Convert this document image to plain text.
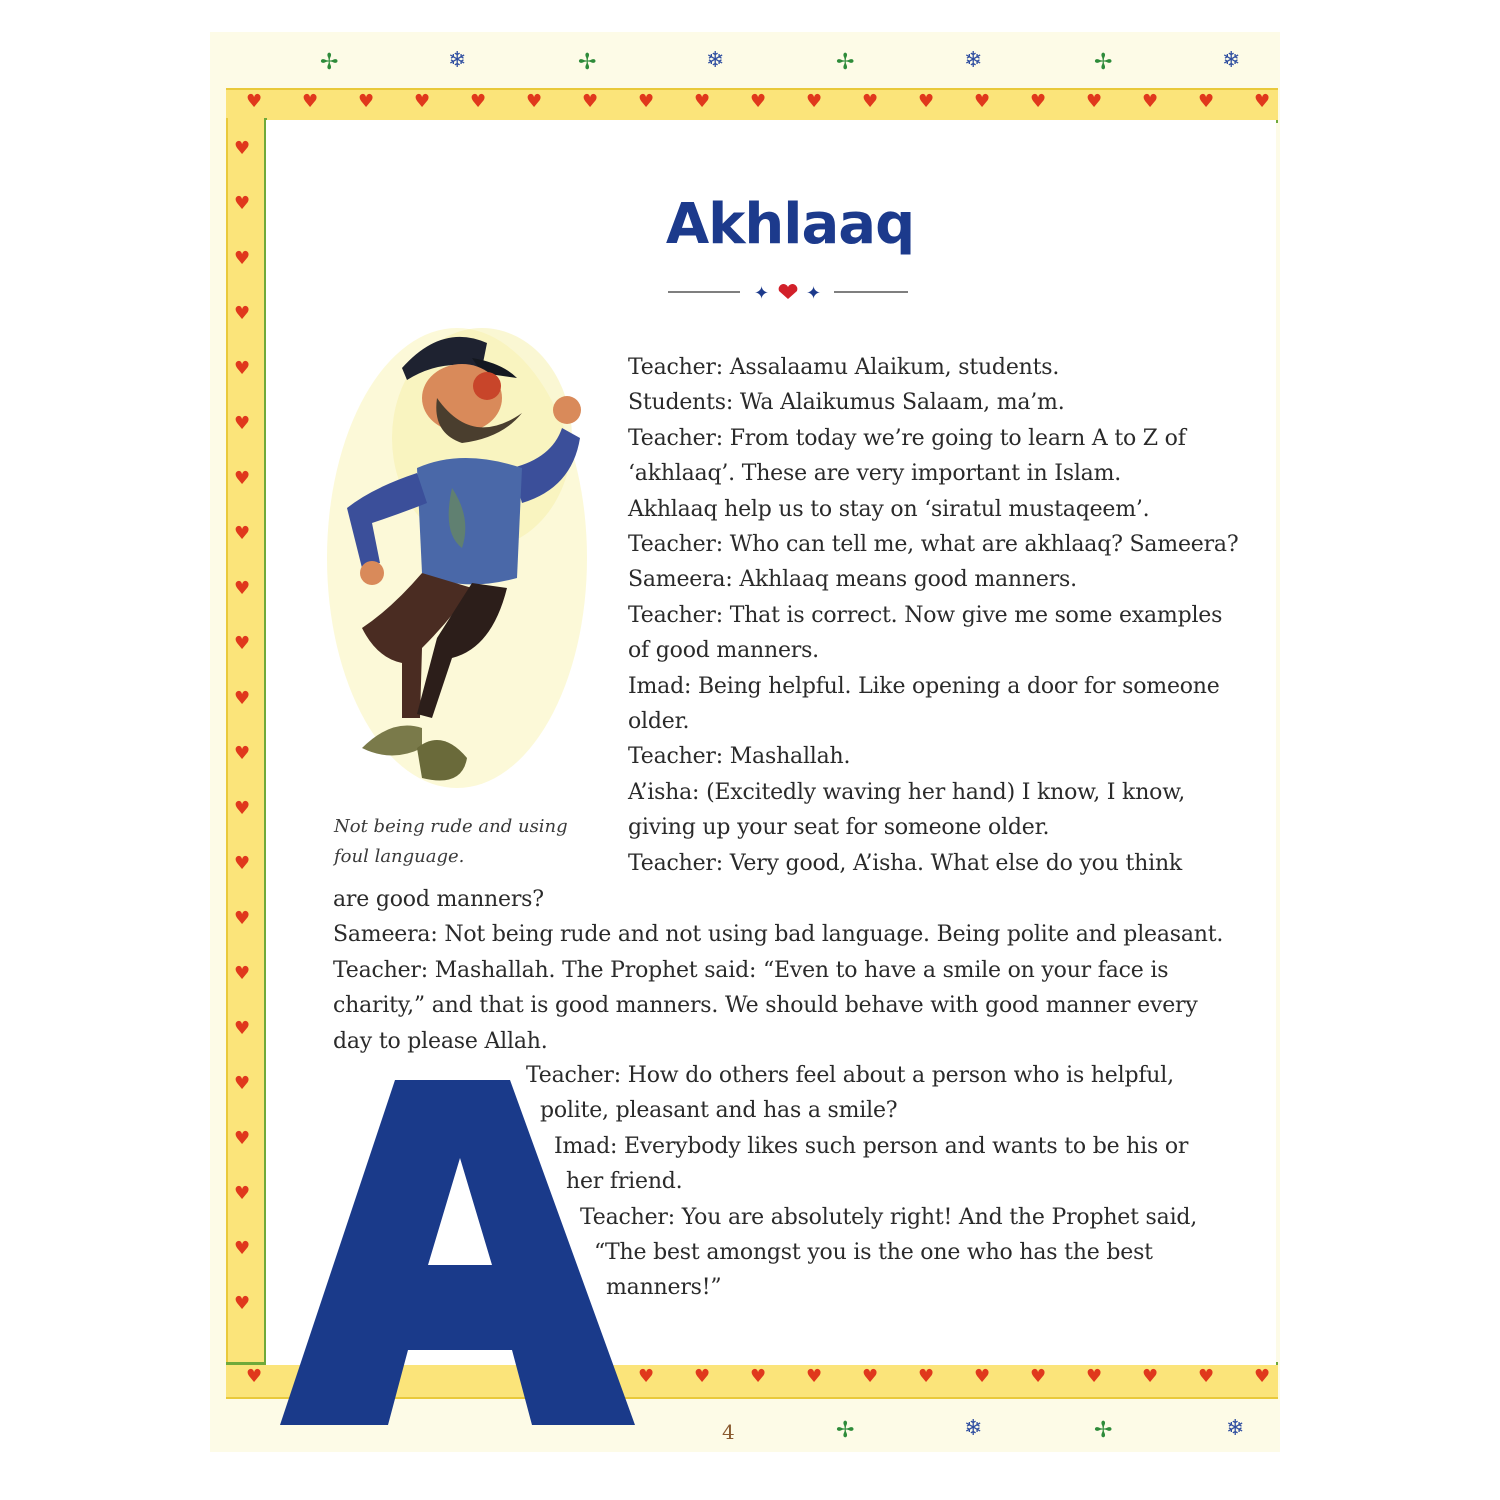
✢	✢	✢	✢
❄	❄	❄	❄
✢	✢
❄	❄
♥ ♥ ♥ ♥ ♥ ♥ ♥ ♥ ♥ ♥ ♥ ♥ ♥ ♥ ♥ ♥ ♥ ♥ ♥
♥	♥ ♥ ♥ ♥ ♥ ♥ ♥ ♥ ♥ ♥ ♥ ♥
♥
♥
♥
♥
♥
♥
♥
♥
♥
♥
♥
♥
♥
♥
♥
♥
♥
♥
♥
♥
♥
♥
Akhlaaq
✦ ✦
Not being rude and using foul language.
Teacher: Assalaamu Alaikum, students.
Students: Wa Alaikumus Salaam, ma’m.
Teacher: From today we’re going to learn A to Z of
‘akhlaaq’. These are very important in Islam.
Akhlaaq help us to stay on ‘siratul mustaqeem’.
Teacher: Who can tell me, what are akhlaaq? Sameera?
Sameera: Akhlaaq means good manners.
Teacher: That is correct. Now give me some examples
of good manners.
Imad: Being helpful. Like opening a door for someone
older.
Teacher: Mashallah.
A’isha: (Excitedly waving her hand) I know, I know,
giving up your seat for someone older.
Teacher: Very good, A’isha. What else do you think
are good manners?
Sameera: Not being rude and not using bad language. Being polite and pleasant.
Teacher: Mashallah. The Prophet said: “Even to have a smile on your face is
charity,” and that is good manners. We should behave with good manner every
day to please Allah.
Teacher: How do others feel about a person who is helpful,
polite, pleasant and has a smile?
Imad: Everybody likes such person and wants to be his or
her friend.
Teacher: You are absolutely right! And the Prophet said,
“The best amongst you is the one who has the best
manners!”
4
